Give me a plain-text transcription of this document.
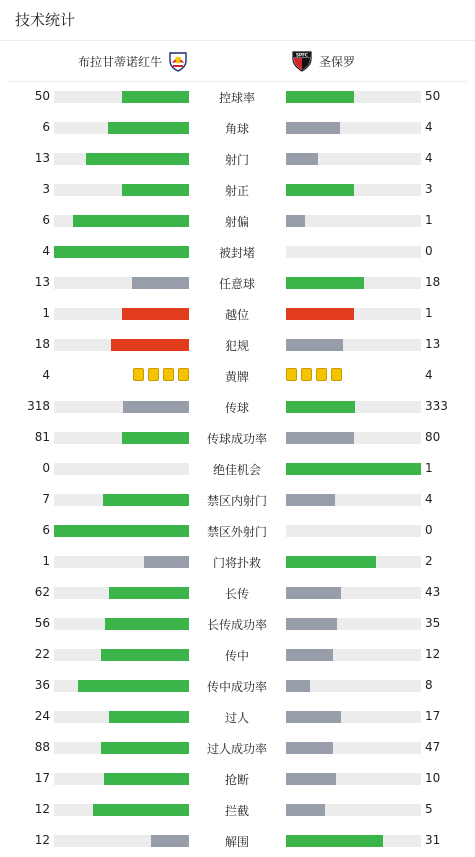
技术统计
布拉甘蒂诺红牛	SPFC 圣保罗
50	控球率	50
6	角球	4
13	射门	4
3	射正	3
6	射偏	1
4	被封堵	0
13	任意球	18
1	越位	1
18	犯规	13
4	黄牌	4
318	传球	333
81	传球成功率	80
0	绝佳机会	1
7	禁区内射门	4
6	禁区外射门	0
1	门将扑救	2
62	长传	43
56	长传成功率	35
22	传中	12
36	传中成功率	8
24	过人	17
88	过人成功率	47
17	抢断	10
12	拦截	5
12	解围	31
